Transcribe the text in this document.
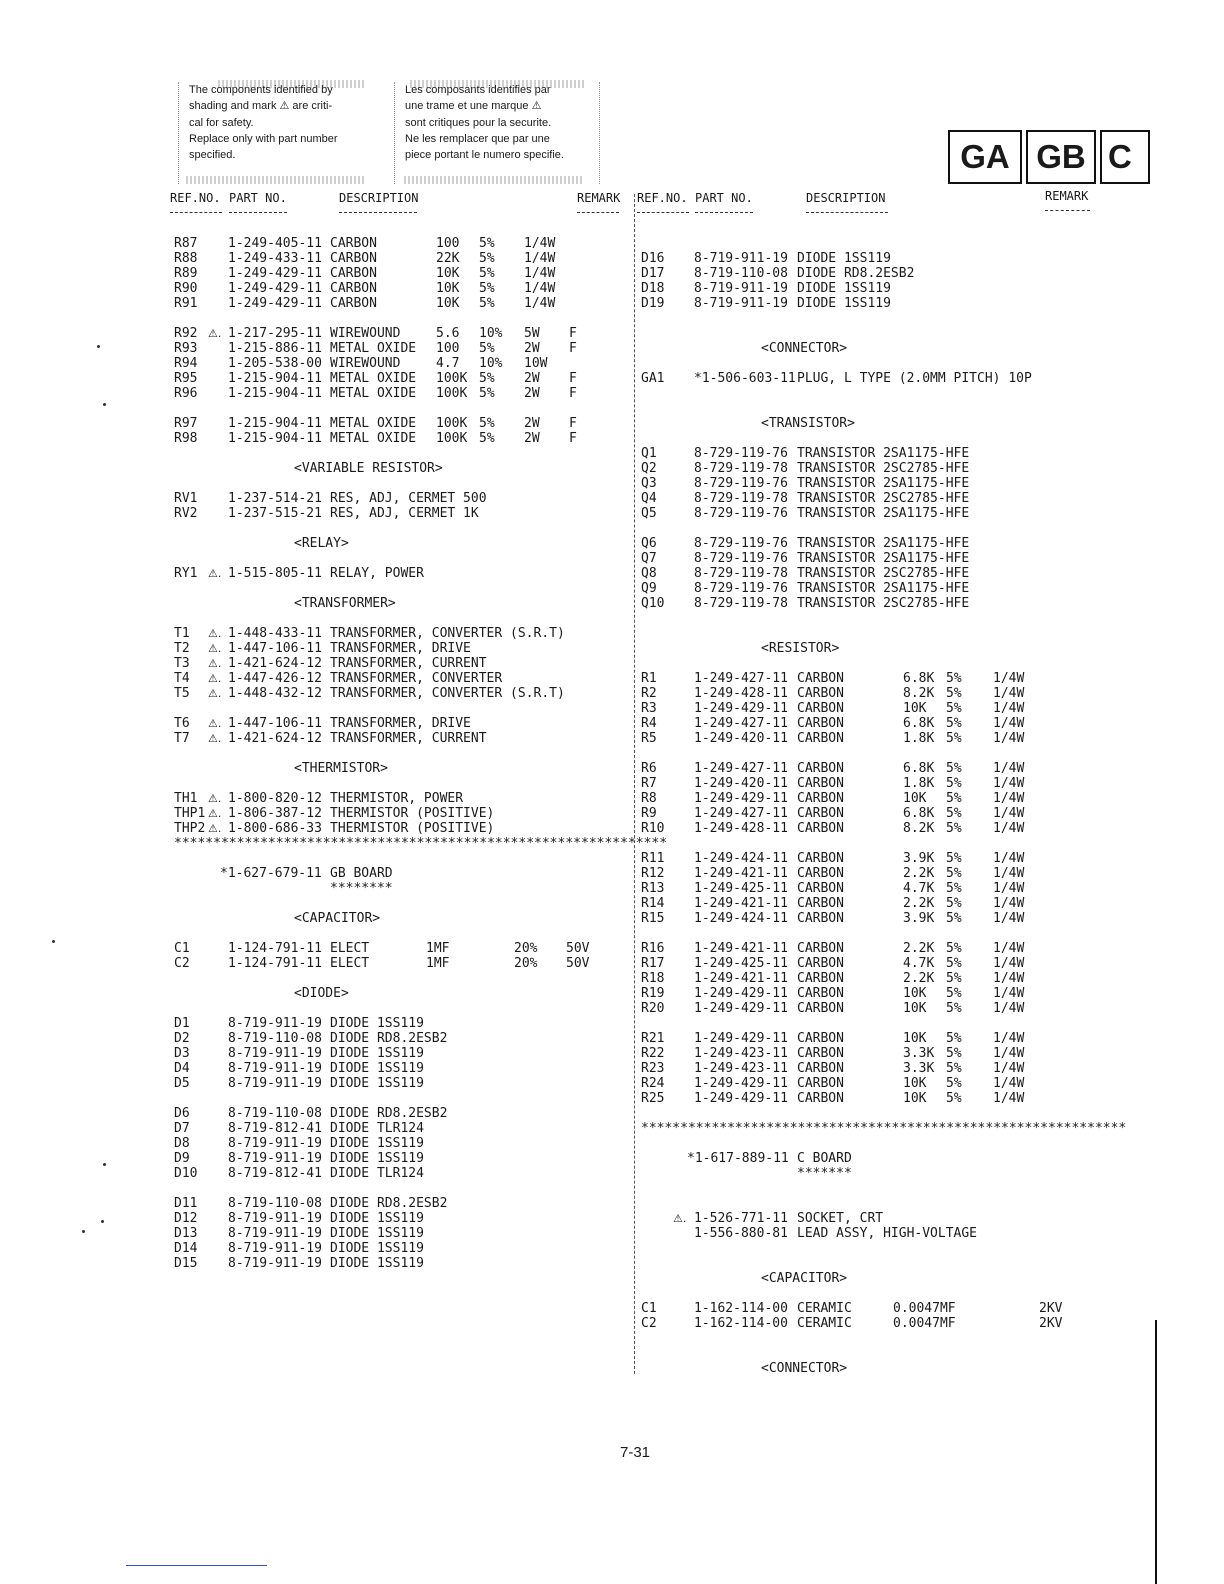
The components identified by
shading and mark ⚠ are criti-
cal for safety.
Replace only with part number
specified.
Les composants identifies par
une trame et une marque ⚠
sont critiques pour la securite.
Ne les remplacer que par une
piece portant le numero specifie.	GA GB C
REF.NO. PART NO.	DESCRIPTION	REMARK REF.NO. PART NO.	DESCRIPTION	REMARK
R87 1-249-405-11 CARBON	100 5% 1/4W
R88 1-249-433-11 CARBON	22K 5% 1/4W
R89 1-249-429-11 CARBON	10K 5% 1/4W
R90 1-249-429-11 CARBON	10K 5% 1/4W
R91 1-249-429-11 CARBON	10K 5% 1/4W
R92 ⚠. 1-217-295-11 WIREWOUND	5.6 10% 5W F
R93 1-215-886-11 METAL OXIDE 100 5% 2W F
R94 1-205-538-00 WIREWOUND	4.7 10% 10W
R95 1-215-904-11 METAL OXIDE 100K 5% 2W F
R96 1-215-904-11 METAL OXIDE 100K 5% 2W F
R97 1-215-904-11 METAL OXIDE 100K 5% 2W F
R98 1-215-904-11 METAL OXIDE 100K 5% 2W F
<VARIABLE RESISTOR>
RV1 1-237-514-21 RES, ADJ, CERMET 500
RV2 1-237-515-21 RES, ADJ, CERMET 1K
<RELAY>
RY1 ⚠. 1-515-805-11 RELAY, POWER
<TRANSFORMER>
T1 ⚠. 1-448-433-11 TRANSFORMER, CONVERTER (S.R.T)
T2 ⚠. 1-447-106-11 TRANSFORMER, DRIVE
T3 ⚠. 1-421-624-12 TRANSFORMER, CURRENT
T4 ⚠. 1-447-426-12 TRANSFORMER, CONVERTER
T5 ⚠. 1-448-432-12 TRANSFORMER, CONVERTER (S.R.T)
T6 ⚠. 1-447-106-11 TRANSFORMER, DRIVE
T7 ⚠. 1-421-624-12 TRANSFORMER, CURRENT
<THERMISTOR>
TH1 ⚠. 1-800-820-12 THERMISTOR, POWER
THP1 ⚠. 1-806-387-12 THERMISTOR (POSITIVE)
THP2 ⚠. 1-800-686-33 THERMISTOR (POSITIVE)
***************************************************************
*1-627-679-11 GB BOARD
********
<CAPACITOR>
C1	1-124-791-11 ELECT	1MF	20% 50V
C2	1-124-791-11 ELECT	1MF	20% 50V
<DIODE>
D1	8-719-911-19 DIODE 1SS119
D2	8-719-110-08 DIODE RD8.2ESB2
D3	8-719-911-19 DIODE 1SS119
D4	8-719-911-19 DIODE 1SS119
D5	8-719-911-19 DIODE 1SS119
D6	8-719-110-08 DIODE RD8.2ESB2
D7	8-719-812-41 DIODE TLR124
D8	8-719-911-19 DIODE 1SS119
D9	8-719-911-19 DIODE 1SS119
D10 8-719-812-41 DIODE TLR124
D11 8-719-110-08 DIODE RD8.2ESB2
D12 8-719-911-19 DIODE 1SS119
D13 8-719-911-19 DIODE 1SS119
D14 8-719-911-19 DIODE 1SS119
D15 8-719-911-19 DIODE 1SS119
D16 8-719-911-19 DIODE 1SS119
D17 8-719-110-08 DIODE RD8.2ESB2
D18 8-719-911-19 DIODE 1SS119
D19 8-719-911-19 DIODE 1SS119
<CONNECTOR>
GA1 *1-506-603-11 PLUG, L TYPE (2.0MM PITCH) 10P
<TRANSISTOR>
Q1	8-729-119-76 TRANSISTOR 2SA1175-HFE
Q2	8-729-119-78 TRANSISTOR 2SC2785-HFE
Q3	8-729-119-76 TRANSISTOR 2SA1175-HFE
Q4	8-729-119-78 TRANSISTOR 2SC2785-HFE
Q5	8-729-119-76 TRANSISTOR 2SA1175-HFE
Q6	8-729-119-76 TRANSISTOR 2SA1175-HFE
Q7	8-729-119-76 TRANSISTOR 2SA1175-HFE
Q8	8-729-119-78 TRANSISTOR 2SC2785-HFE
Q9	8-729-119-76 TRANSISTOR 2SA1175-HFE
Q10 8-729-119-78 TRANSISTOR 2SC2785-HFE
<RESISTOR>
R1	1-249-427-11 CARBON	6.8K 5% 1/4W
R2	1-249-428-11 CARBON	8.2K 5% 1/4W
R3	1-249-429-11 CARBON	10K 5% 1/4W
R4	1-249-427-11 CARBON	6.8K 5% 1/4W
R5	1-249-420-11 CARBON	1.8K 5% 1/4W
R6	1-249-427-11 CARBON	6.8K 5% 1/4W
R7	1-249-420-11 CARBON	1.8K 5% 1/4W
R8	1-249-429-11 CARBON	10K 5% 1/4W
R9	1-249-427-11 CARBON	6.8K 5% 1/4W
R10 1-249-428-11 CARBON	8.2K 5% 1/4W
R11 1-249-424-11 CARBON	3.9K 5% 1/4W
R12 1-249-421-11 CARBON	2.2K 5% 1/4W
R13 1-249-425-11 CARBON	4.7K 5% 1/4W
R14 1-249-421-11 CARBON	2.2K 5% 1/4W
R15 1-249-424-11 CARBON	3.9K 5% 1/4W
R16 1-249-421-11 CARBON	2.2K 5% 1/4W
R17 1-249-425-11 CARBON	4.7K 5% 1/4W
R18 1-249-421-11 CARBON	2.2K 5% 1/4W
R19 1-249-429-11 CARBON	10K 5% 1/4W
R20 1-249-429-11 CARBON	10K 5% 1/4W
R21 1-249-429-11 CARBON	10K 5% 1/4W
R22 1-249-423-11 CARBON	3.3K 5% 1/4W
R23 1-249-423-11 CARBON	3.3K 5% 1/4W
R24 1-249-429-11 CARBON	10K 5% 1/4W
R25 1-249-429-11 CARBON	10K 5% 1/4W
**************************************************************
*1-617-889-11 C BOARD
*******
⚠. 1-526-771-11 SOCKET, CRT
1-556-880-81 LEAD ASSY, HIGH-VOLTAGE
<CAPACITOR>
C1	1-162-114-00 CERAMIC	0.0047MF	2KV
C2	1-162-114-00 CERAMIC	0.0047MF	2KV
<CONNECTOR>
7-31
